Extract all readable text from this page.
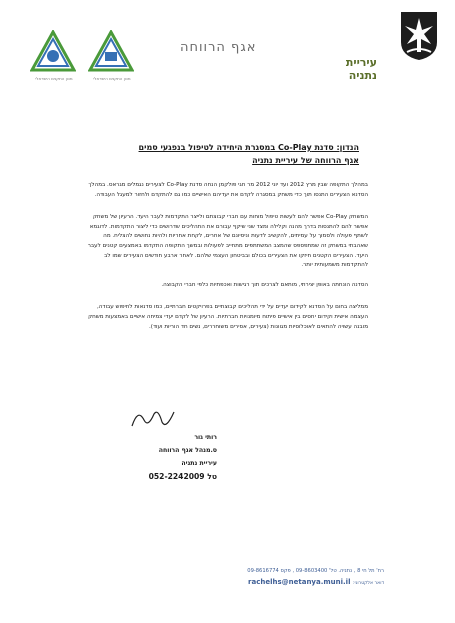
עיריית נתניה
אגף הרווחה
מכון התקנים הישראלי	מכון התקנים הישראלי
הנדון: סדנת Co-Play במסגרת היחידה לטיפול בנפגעי סמים
אגף הרווחה של עיריית נתניה

במהלך התקופה שבין מרץ 2012 ועד יוני 2012 מר חגי פולקמן הנחה סדנת Co-Play לצעירים נגמלים מגראס. במהלך הסדנא הצעירים התנסו תוך כדי משחק במסגרה לקדם את יעדיהם האישיים כמו גם להתקדם ולחזור למעגל העבודה.

המשחק Co-Play אפשר להם לעשות טיפול מוחות עם חברי קבוצתם ולייצר התקדמות לעבר היעד. הרעיון של משחק אפשר להם להתנסות בדרך מהנה וקלילה ומצד שני שיקף עבורם את התהליכים שדרושים כדי ליצור התקדמות. לדוגמא לשתף פעולה ולסמוך על עמיתים, להקשיב לדעות וניסיונם של אחרים, לקחת אחריות ולהיות נחושים להצליח. מה שאהבתי במשחק זה שמתפספס שהמצב המשתתפים מתחייב לפעולות ובמשך התקופה התקדמו באמצעים קטנים לעבר היעד. הצעירים הקטנים חיזקו את הצעירים בכולם ובביטחון העצמי שלהם. לאחר ארבע חודשים הצעירים שמו לב להתקדמות משמעותית יותר.

הסדנה הונחתה באופן יצירתי, מותאם לצרכים תוך רגישות ואכפתיות כלפי חברי הקבוצה.

ממליצה בחום על הסדנא לקידום יעדים על ידי תהליכים קבוצתיים בפרויקטים חברתיים, כמו סדנאות לחיפוש עבודה, העצמה אישית וקידום יחסים בין אישיים פיתוח מיומנויות חברתיות. הרעיון של לקדם יעדי צמיחה אישיים באמצעות משחק מובנה עשויה להתאים לאוכלוסיות מגוונות (צעירים, אסירים משוחררים, נשים חד הוריות ועוד).

רותי גור
ס.מנהל אגף הרווחה
עיריית נתניה
טל 052-2242009
רח' תל חי 8 , נתניה. טל' 09-8603400 , פקס 09-8616774
דואר אלקטרוני: rachelhs@netanya.muni.il
